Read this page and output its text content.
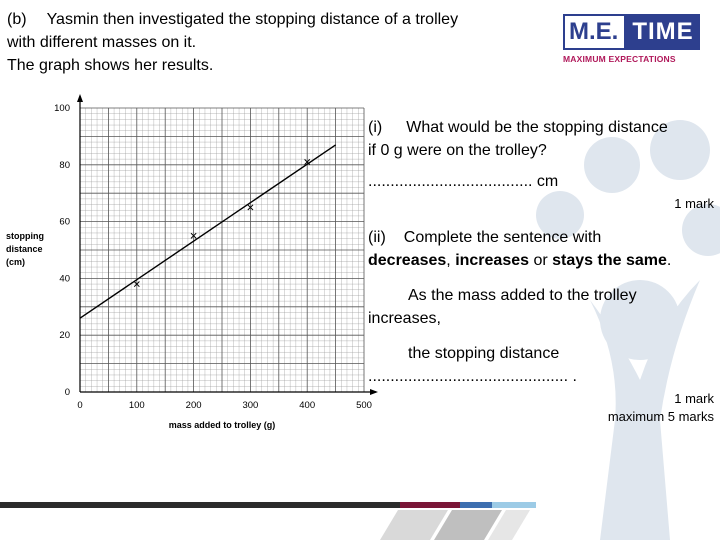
(b) Yasmin then investigated the stopping distance of a trolley

with different masses on it.

The graph shows her results.

M.E. TIME
MAXIMUM EXPECTATIONS
0	100	200	300	400	500
0
20
40
60
80
100
stopping
distance
(cm)
mass added to trolley (g)

(i) What would be the stopping distance

if 0 g were on the trolley?

..................................... cm

1 mark

(ii) Complete the sentence with

decreases, increases or stays the same.

As the mass added to the trolley

increases,

the stopping distance

............................................. .

1 mark
maximum 5 marks
